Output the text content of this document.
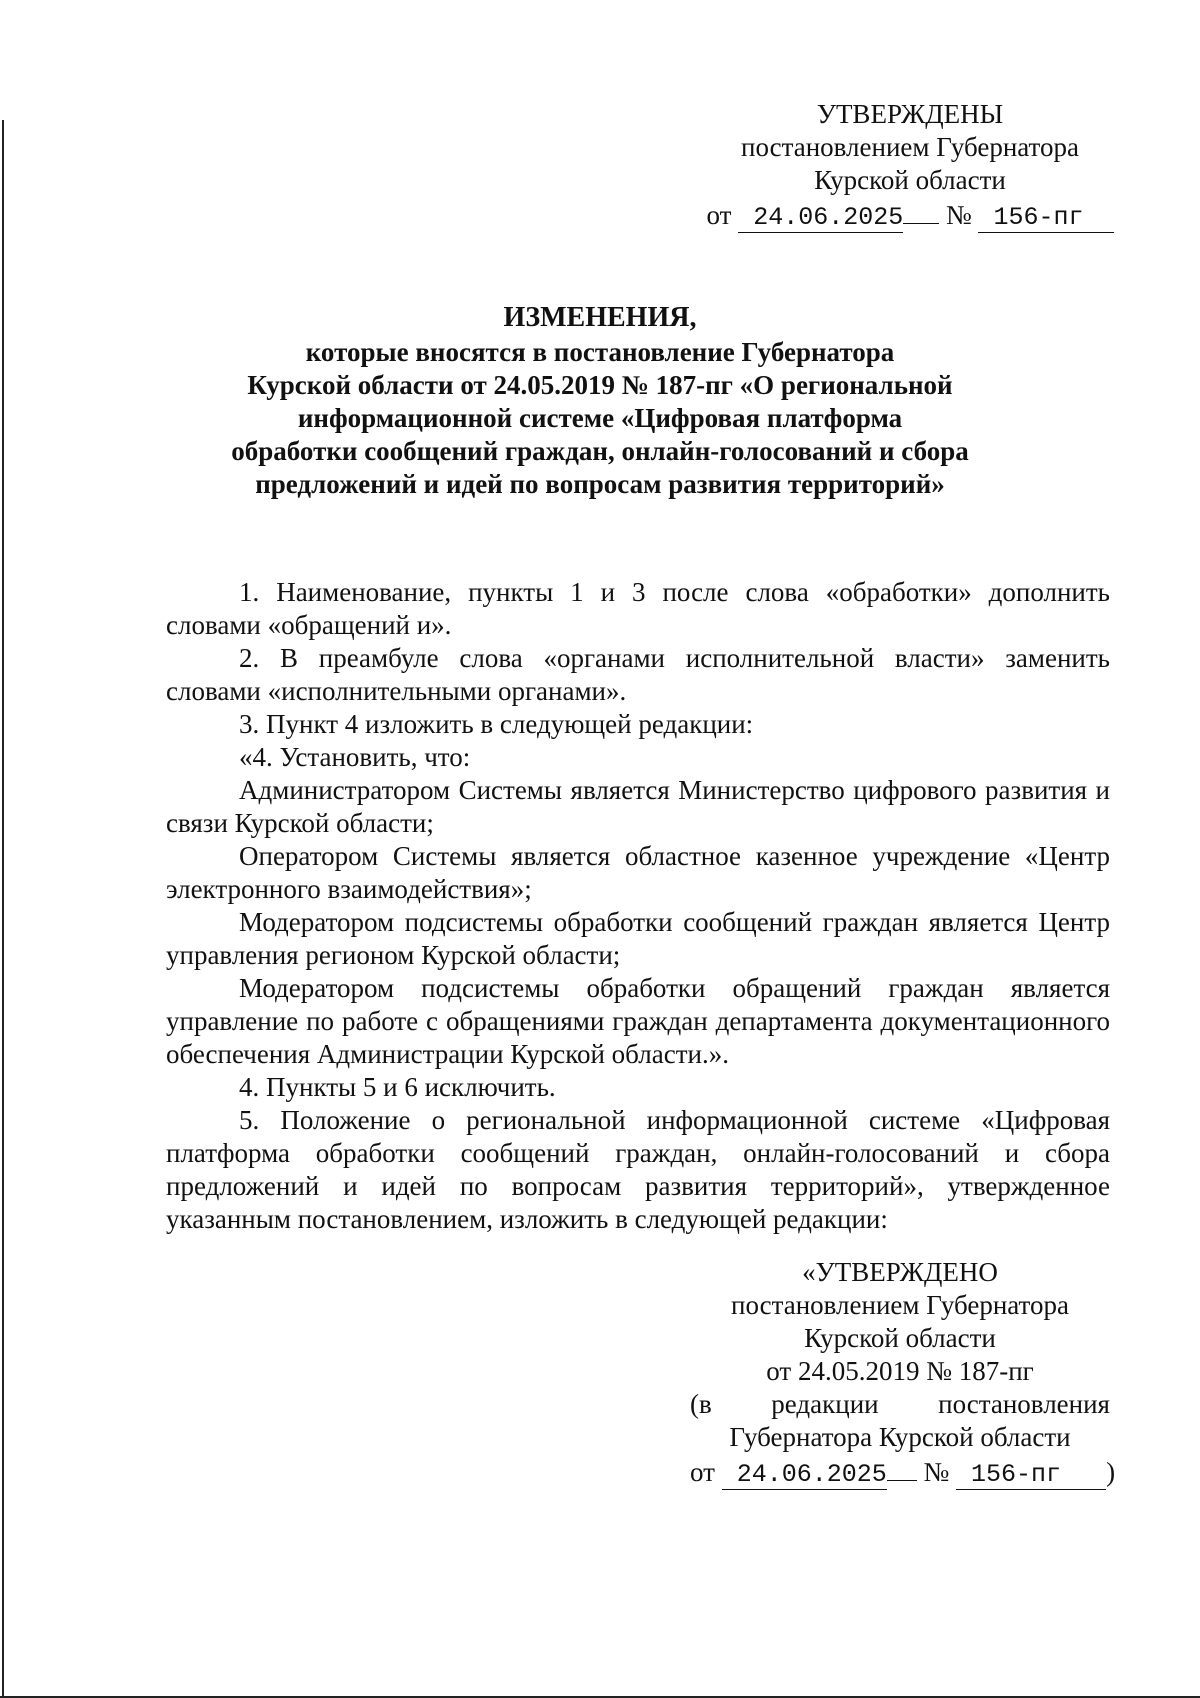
УТВЕРЖДЕНЫ
постановлением Губернатора
Курской области
от 24.06.2025 № 156-пг
ИЗМЕНЕНИЯ,
которые вносятся в постановление Губернатора
Курской области от 24.05.2019 № 187-пг «О региональной
информационной системе «Цифровая платформа
обработки сообщений граждан, онлайн-голосований и сбора
предложений и идей по вопросам развития территорий»

1. Наименование, пункты 1 и 3 после слова «обработки» дополнить словами «обращений и».

2. В преамбуле слова «органами исполнительной власти» заменить словами «исполнительными органами».

3. Пункт 4 изложить в следующей редакции:

«4. Установить, что:

Администратором Системы является Министерство цифрового развития и связи Курской области;

Оператором Системы является областное казенное учреждение «Центр электронного взаимодействия»;

Модератором подсистемы обработки сообщений граждан является Центр управления регионом Курской области;

Модератором подсистемы обработки обращений граждан является управление по работе с обращениями граждан департамента документационного обеспечения Администрации Курской области.».

4. Пункты 5 и 6 исключить.

5. Положение о региональной информационной системе «Цифровая платформа обработки сообщений граждан, онлайн-голосований и сбора предложений и идей по вопросам развития территорий», утвержденное указанным постановлением, изложить в следующей редакции:

«УТВЕРЖДЕНО
постановлением Губернатора
Курской области
от 24.05.2019 № 187-пг
(в редакции постановления
Губернатора Курской области
от 24.06.2025 № 156-пг )
